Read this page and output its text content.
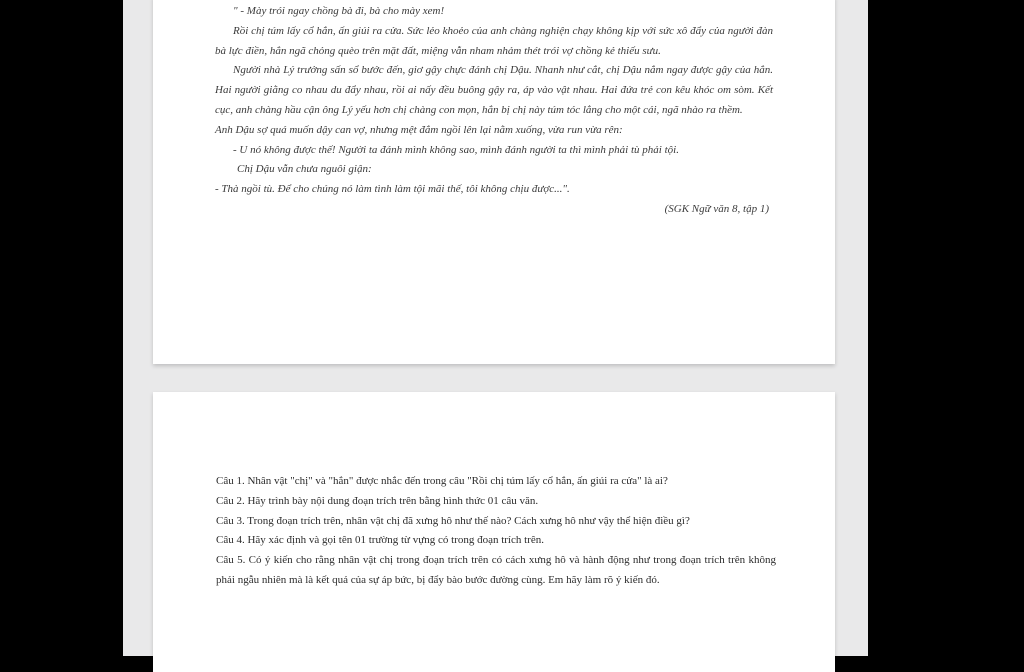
" - Mày trói ngay chồng bà đi, bà cho mày xem!

Rồi chị túm lấy cổ hắn, ấn giúi ra cửa. Sức lẻo khoẻo của anh chàng nghiện chạy không kịp với sức xô đẩy của người đàn bà lực điền, hắn ngã chỏng quèo trên mặt đất, miệng vẫn nham nhảm thét trói vợ chồng kẻ thiếu sưu.

Người nhà Lý trưởng sấn sổ bước đến, giơ gậy chực đánh chị Dậu. Nhanh như cắt, chị Dậu nắm ngay được gậy của hắn. Hai người giằng co nhau du đẩy nhau, rồi ai nấy đều buông gậy ra, áp vào vật nhau. Hai đứa trẻ con kêu khóc om sòm. Kết cục, anh chàng hầu cận ông Lý yếu hơn chị chàng con mọn, hắn bị chị này túm tóc lẳng cho một cái, ngã nhào ra thềm.

Anh Dậu sợ quá muốn dậy can vợ, nhưng mệt đắm ngồi lên lại nằm xuống, vừa run vừa rên:

- U nó không được thế! Người ta đánh mình không sao, mình đánh người ta thì mình phải tù phải tội.

Chị Dậu vẫn chưa nguôi giận:

- Thà ngồi tù. Để cho chúng nó làm tình làm tội mãi thế, tôi không chịu được...".

(SGK Ngữ văn 8, tập 1)

Câu 1. Nhân vật "chị" và "hắn" được nhắc đến trong câu "Rồi chị túm lấy cổ hắn, ấn giúi ra cửa" là ai?

Câu 2. Hãy trình bày nội dung đoạn trích trên bằng hình thức 01 câu văn.

Câu 3. Trong đoạn trích trên, nhân vật chị đã xưng hô như thế nào? Cách xưng hô như vậy thể hiện điều gì?

Câu 4. Hãy xác định và gọi tên 01 trường từ vựng có trong đoạn trích trên.

Câu 5. Có ý kiến cho rằng nhân vật chị trong đoạn trích trên có cách xưng hô và hành động như trong đoạn trích trên không phải ngẫu nhiên mà là kết quả của sự áp bức, bị đẩy bào bước đường cùng. Em hãy làm rõ ý kiến đó.
